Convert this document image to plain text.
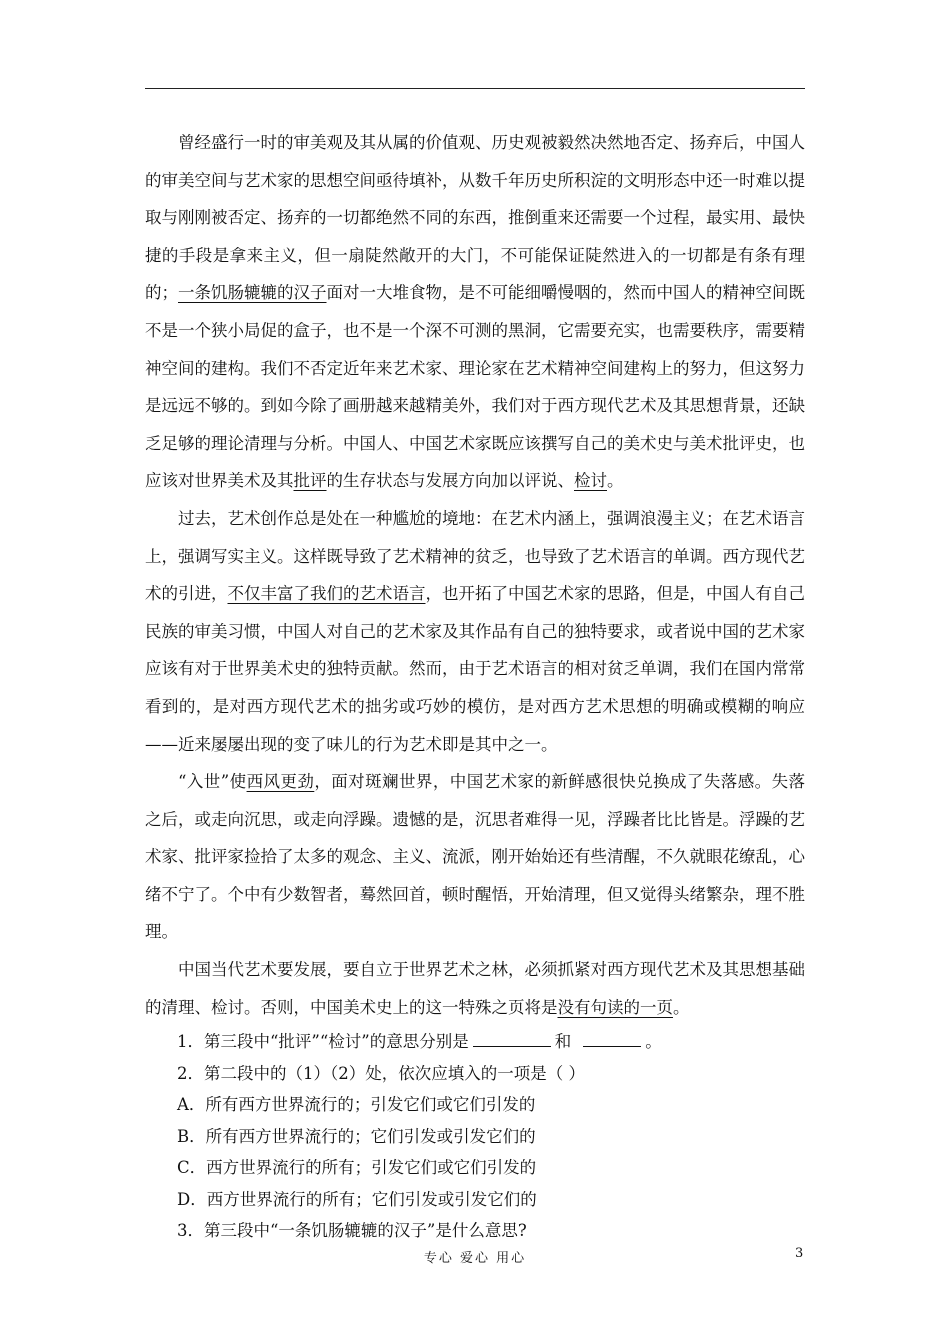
曾经盛行一时的审美观及其从属的价值观、历史观被毅然决然地否定、扬弃后，中国人的审美空间与艺术家的思想空间亟待填补，从数千年历史所积淀的文明形态中还一时难以提取与刚刚被否定、扬弃的一切都绝然不同的东西，推倒重来还需要一个过程，最实用、最快捷的手段是拿来主义，但一扇陡然敞开的大门，不可能保证陡然进入的一切都是有条有理的；一条饥肠辘辘的汉子面对一大堆食物，是不可能细嚼慢咽的，然而中国人的精神空间既不是一个狭小局促的盒子，也不是一个深不可测的黑洞，它需要充实，也需要秩序，需要精神空间的建构。我们不否定近年来艺术家、理论家在艺术精神空间建构上的努力，但这努力是远远不够的。到如今除了画册越来越精美外，我们对于西方现代艺术及其思想背景，还缺乏足够的理论清理与分析。中国人、中国艺术家既应该撰写自己的美术史与美术批评史，也应该对世界美术及其批评的生存状态与发展方向加以评说、检讨。

过去，艺术创作总是处在一种尴尬的境地：在艺术内涵上，强调浪漫主义；在艺术语言上，强调写实主义。这样既导致了艺术精神的贫乏，也导致了艺术语言的单调。西方现代艺术的引进，不仅丰富了我们的艺术语言，也开拓了中国艺术家的思路，但是，中国人有自己民族的审美习惯，中国人对自己的艺术家及其作品有自己的独特要求，或者说中国的艺术家应该有对于世界美术史的独特贡献。然而，由于艺术语言的相对贫乏单调，我们在国内常常看到的，是对西方现代艺术的拙劣或巧妙的模仿，是对西方艺术思想的明确或模糊的响应——近来屡屡出现的变了味儿的行为艺术即是其中之一。

“入世”使西风更劲，面对斑斓世界，中国艺术家的新鲜感很快兑换成了失落感。失落之后，或走向沉思，或走向浮躁。遗憾的是，沉思者难得一见，浮躁者比比皆是。浮躁的艺术家、批评家捡拾了太多的观念、主义、流派，刚开始始还有些清醒，不久就眼花缭乱，心绪不宁了。个中有少数智者，蓦然回首，顿时醒悟，开始清理，但又觉得头绪繁杂，理不胜理。

中国当代艺术要发展，要自立于世界艺术之林，必须抓紧对西方现代艺术及其思想基础的清理、检讨。否则，中国美术史上的这一特殊之页将是没有句读的一页。

1．第三段中“批评”“检讨”的意思分别是	和	。

2．第二段中的（1）（2）处，依次应填入的一项是（ ）

A．所有西方世界流行的；引发它们或它们引发的

B．所有西方世界流行的；它们引发或引发它们的

C．西方世界流行的所有；引发它们或它们引发的

D．西方世界流行的所有；它们引发或引发它们的

3．第三段中“一条饥肠辘辘的汉子”是什么意思?

专心 爱心 用心	3
